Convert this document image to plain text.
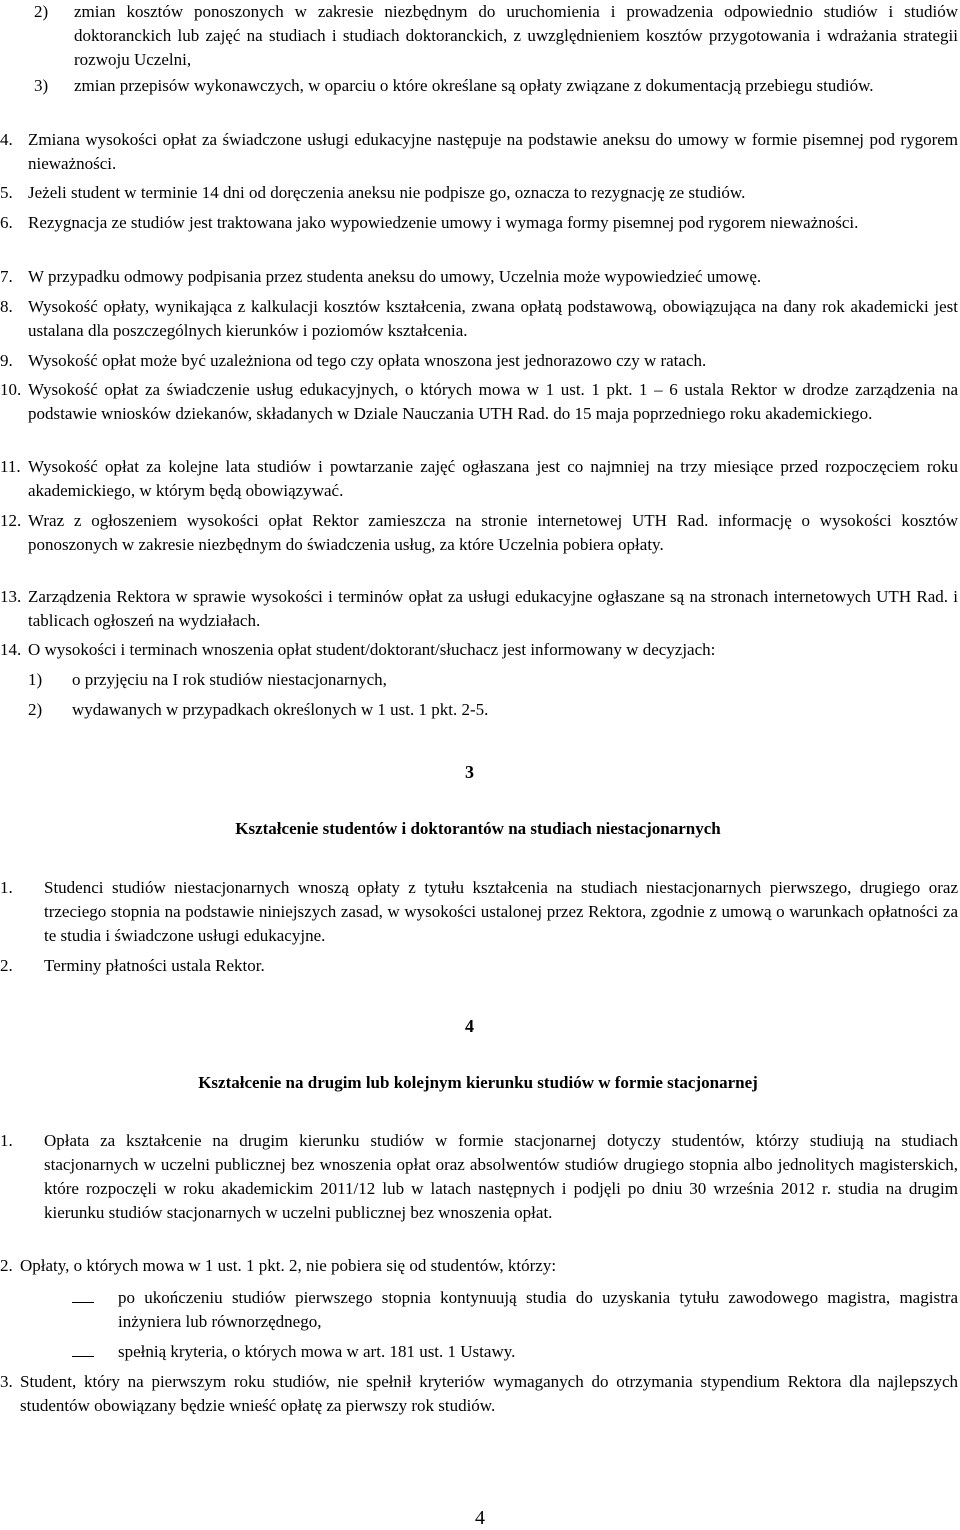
2)	zmian kosztów ponoszonych w zakresie niezbędnym do uruchomienia i prowadzenia odpowiednio studiów i studiów doktoranckich lub zajęć na studiach i studiach doktoranckich, z uwzględnieniem kosztów przygotowania i wdrażania strategii rozwoju Uczelni,
3)	zmian przepisów wykonawczych, w oparciu o które określane są opłaty związane z dokumentacją przebiegu studiów.
4. Zmiana wysokości opłat za świadczone usługi edukacyjne następuje na podstawie aneksu do umowy w formie pisemnej pod rygorem nieważności.
5. Jeżeli student w terminie 14 dni od doręczenia aneksu nie podpisze go, oznacza to rezygnację ze studiów.
6. Rezygnacja ze studiów jest traktowana jako wypowiedzenie umowy i wymaga formy pisemnej pod rygorem nieważności.
7. W przypadku odmowy podpisania przez studenta aneksu do umowy, Uczelnia może wypowiedzieć umowę.
8. Wysokość opłaty, wynikająca z kalkulacji kosztów kształcenia, zwana opłatą podstawową, obowiązująca na dany rok akademicki jest ustalana dla poszczególnych kierunków i poziomów kształcenia.
9. Wysokość opłat może być uzależniona od tego czy opłata wnoszona jest jednorazowo czy w ratach.
10. Wysokość opłat za świadczenie usług edukacyjnych, o których mowa w 1 ust. 1 pkt. 1 – 6 ustala Rektor w drodze zarządzenia na podstawie wniosków dziekanów, składanych w Dziale Nauczania UTH Rad. do 15 maja poprzedniego roku akademickiego.
11. Wysokość opłat za kolejne lata studiów i powtarzanie zajęć ogłaszana jest co najmniej na trzy miesiące przed rozpoczęciem roku akademickiego, w którym będą obowiązywać.
12. Wraz z ogłoszeniem wysokości opłat Rektor zamieszcza na stronie internetowej UTH Rad. informację o wysokości kosztów ponoszonych w zakresie niezbędnym do świadczenia usług, za które Uczelnia pobiera opłaty.
13. Zarządzenia Rektora w sprawie wysokości i terminów opłat za usługi edukacyjne ogłaszane są na stronach internetowych UTH Rad. i tablicach ogłoszeń na wydziałach.
14. O wysokości i terminach wnoszenia opłat student/doktorant/słuchacz jest informowany w decyzjach:
1)	o przyjęciu na I rok studiów niestacjonarnych,
2)	wydawanych w przypadkach określonych w 1 ust. 1 pkt. 2-5.
3
Kształcenie studentów i doktorantów na studiach niestacjonarnych
1.	Studenci studiów niestacjonarnych wnoszą opłaty z tytułu kształcenia na studiach niestacjonarnych pierwszego, drugiego oraz trzeciego stopnia na podstawie niniejszych zasad, w wysokości ustalonej przez Rektora, zgodnie z umową o warunkach opłatności za te studia i świadczone usługi edukacyjne.
2.	Terminy płatności ustala Rektor.
4
Kształcenie na drugim lub kolejnym kierunku studiów w formie stacjonarnej
1.	Opłata za kształcenie na drugim kierunku studiów w formie stacjonarnej dotyczy studentów, którzy studiują na studiach stacjonarnych w uczelni publicznej bez wnoszenia opłat oraz absolwentów studiów drugiego stopnia albo jednolitych magisterskich, które rozpoczęli w roku akademickim 2011/12 lub w latach następnych i podjęli po dniu 30 września 2012 r. studia na drugim kierunku studiów stacjonarnych w uczelni publicznej bez wnoszenia opłat.
2. Opłaty, o których mowa w 1 ust. 1 pkt. 2, nie pobiera się od studentów, którzy:
po ukończeniu studiów pierwszego stopnia kontynuują studia do uzyskania tytułu zawodowego magistra, magistra inżyniera lub równorzędnego,
spełnią kryteria, o których mowa w art. 181 ust. 1 Ustawy.
3. Student, który na pierwszym roku studiów, nie spełnił kryteriów wymaganych do otrzymania stypendium Rektora dla najlepszych studentów obowiązany będzie wnieść opłatę za pierwszy rok studiów.
4
